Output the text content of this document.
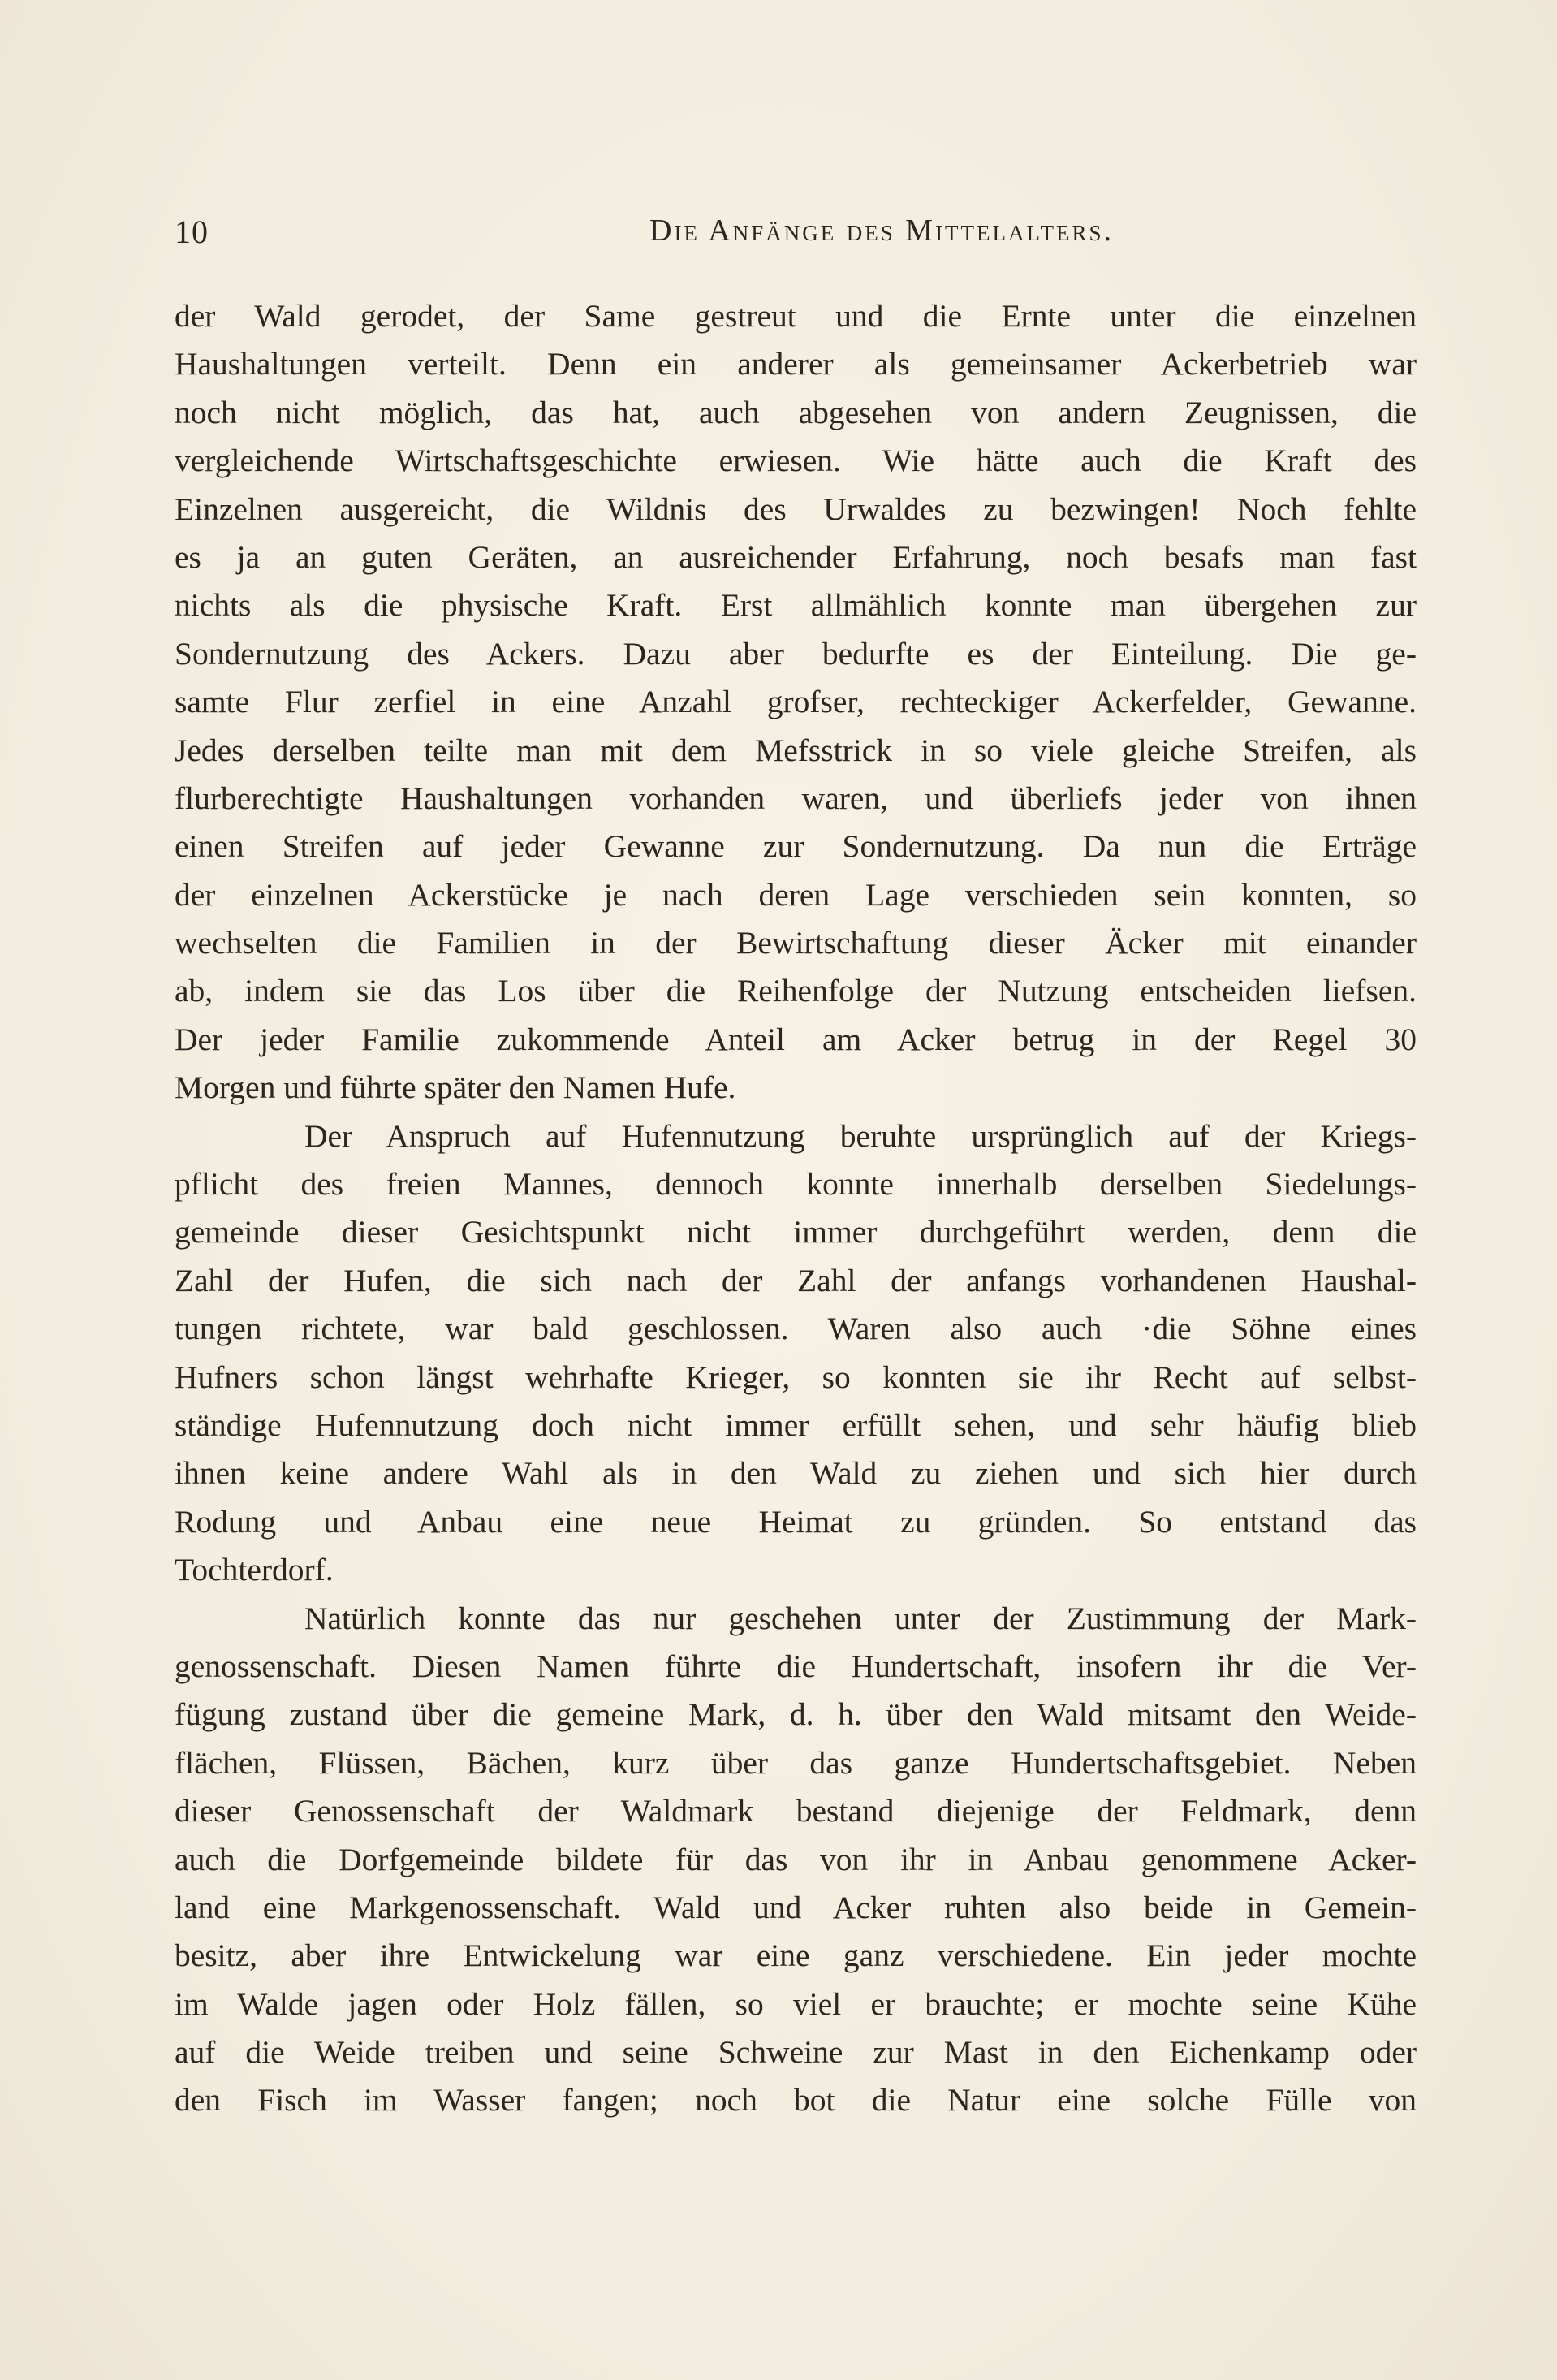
10	Die Anfänge des Mittelalters.
der Wald gerodet, der Same gestreut und die Ernte unter die einzelnen
Haushaltungen verteilt. Denn ein anderer als gemeinsamer Ackerbetrieb war
noch nicht möglich, das hat, auch abgesehen von andern Zeugnissen, die
vergleichende Wirtschaftsgeschichte erwiesen. Wie hätte auch die Kraft des
Einzelnen ausgereicht, die Wildnis des Urwaldes zu bezwingen! Noch fehlte
es ja an guten Geräten, an ausreichender Erfahrung, noch besafs man fast
nichts als die physische Kraft. Erst allmählich konnte man übergehen zur
Sondernutzung des Ackers. Dazu aber bedurfte es der Einteilung. Die ge-
samte Flur zerfiel in eine Anzahl grofser, rechteckiger Ackerfelder, Gewanne.
Jedes derselben teilte man mit dem Mefsstrick in so viele gleiche Streifen, als
flurberechtigte Haushaltungen vorhanden waren, und überliefs jeder von ihnen
einen Streifen auf jeder Gewanne zur Sondernutzung. Da nun die Erträge
der einzelnen Ackerstücke je nach deren Lage verschieden sein konnten, so
wechselten die Familien in der Bewirtschaftung dieser Äcker mit einander
ab, indem sie das Los über die Reihenfolge der Nutzung entscheiden liefsen.
Der jeder Familie zukommende Anteil am Acker betrug in der Regel 30
Morgen und führte später den Namen Hufe.
Der Anspruch auf Hufennutzung beruhte ursprünglich auf der Kriegs-
pflicht des freien Mannes, dennoch konnte innerhalb derselben Siedelungs-
gemeinde dieser Gesichtspunkt nicht immer durchgeführt werden, denn die
Zahl der Hufen, die sich nach der Zahl der anfangs vorhandenen Haushal-
tungen richtete, war bald geschlossen. Waren also auch ·die Söhne eines
Hufners schon längst wehrhafte Krieger, so konnten sie ihr Recht auf selbst-
ständige Hufennutzung doch nicht immer erfüllt sehen, und sehr häufig blieb
ihnen keine andere Wahl als in den Wald zu ziehen und sich hier durch
Rodung und Anbau eine neue Heimat zu gründen. So entstand das
Tochterdorf.
Natürlich konnte das nur geschehen unter der Zustimmung der Mark-
genossenschaft. Diesen Namen führte die Hundertschaft, insofern ihr die Ver-
fügung zustand über die gemeine Mark, d. h. über den Wald mitsamt den Weide-
flächen, Flüssen, Bächen, kurz über das ganze Hundertschaftsgebiet. Neben
dieser Genossenschaft der Waldmark bestand diejenige der Feldmark, denn
auch die Dorfgemeinde bildete für das von ihr in Anbau genommene Acker-
land eine Markgenossenschaft. Wald und Acker ruhten also beide in Gemein-
besitz, aber ihre Entwickelung war eine ganz verschiedene. Ein jeder mochte
im Walde jagen oder Holz fällen, so viel er brauchte; er mochte seine Kühe
auf die Weide treiben und seine Schweine zur Mast in den Eichenkamp oder
den Fisch im Wasser fangen; noch bot die Natur eine solche Fülle von
